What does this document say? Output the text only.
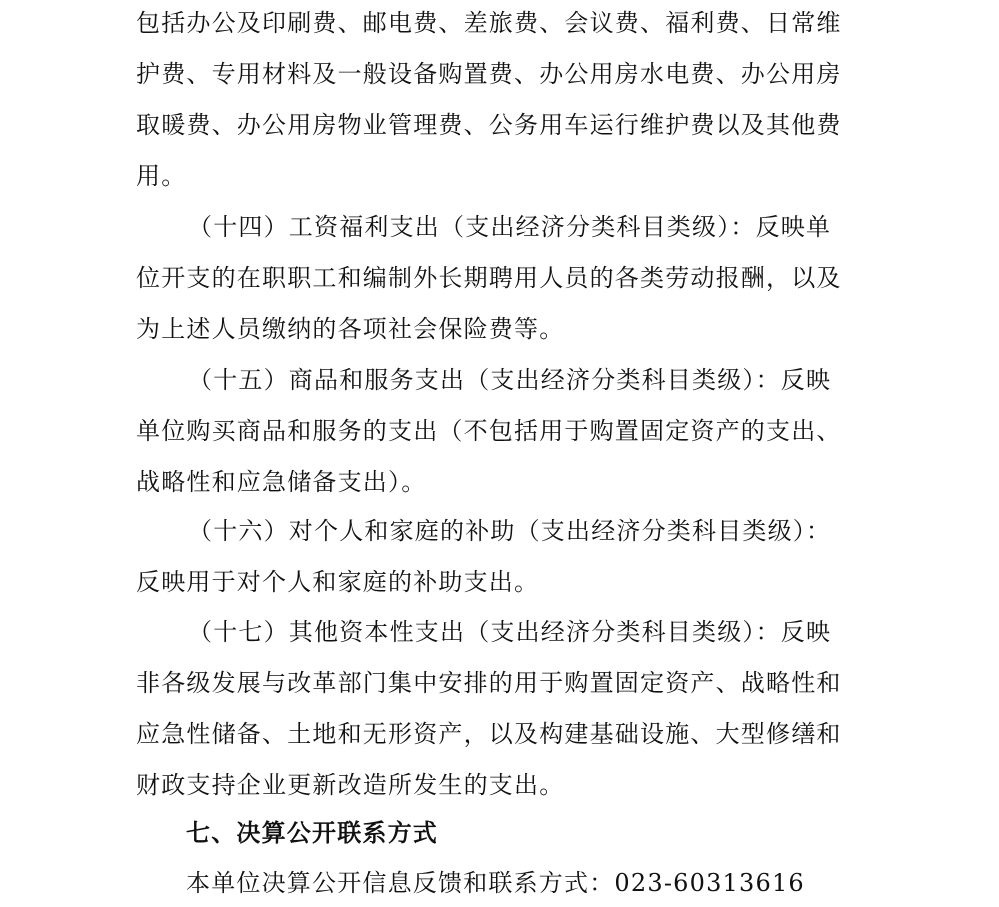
包括办公及印刷费、邮电费、差旅费、会议费、福利费、日常维
护费、专用材料及一般设备购置费、办公用房水电费、办公用房
取暖费、办公用房物业管理费、公务用车运行维护费以及其他费
用。
（十四）工资福利支出（支出经济分类科目类级）：反映单
位开支的在职职工和编制外长期聘用人员的各类劳动报酬，以及
为上述人员缴纳的各项社会保险费等。
（十五）商品和服务支出（支出经济分类科目类级）：反映
单位购买商品和服务的支出（不包括用于购置固定资产的支出、
战略性和应急储备支出）。
（十六）对个人和家庭的补助（支出经济分类科目类级）：
反映用于对个人和家庭的补助支出。
（十七）其他资本性支出（支出经济分类科目类级）：反映
非各级发展与改革部门集中安排的用于购置固定资产、战略性和
应急性储备、土地和无形资产，以及构建基础设施、大型修缮和
财政支持企业更新改造所发生的支出。
七、决算公开联系方式
本单位决算公开信息反馈和联系方式：023-60313616
